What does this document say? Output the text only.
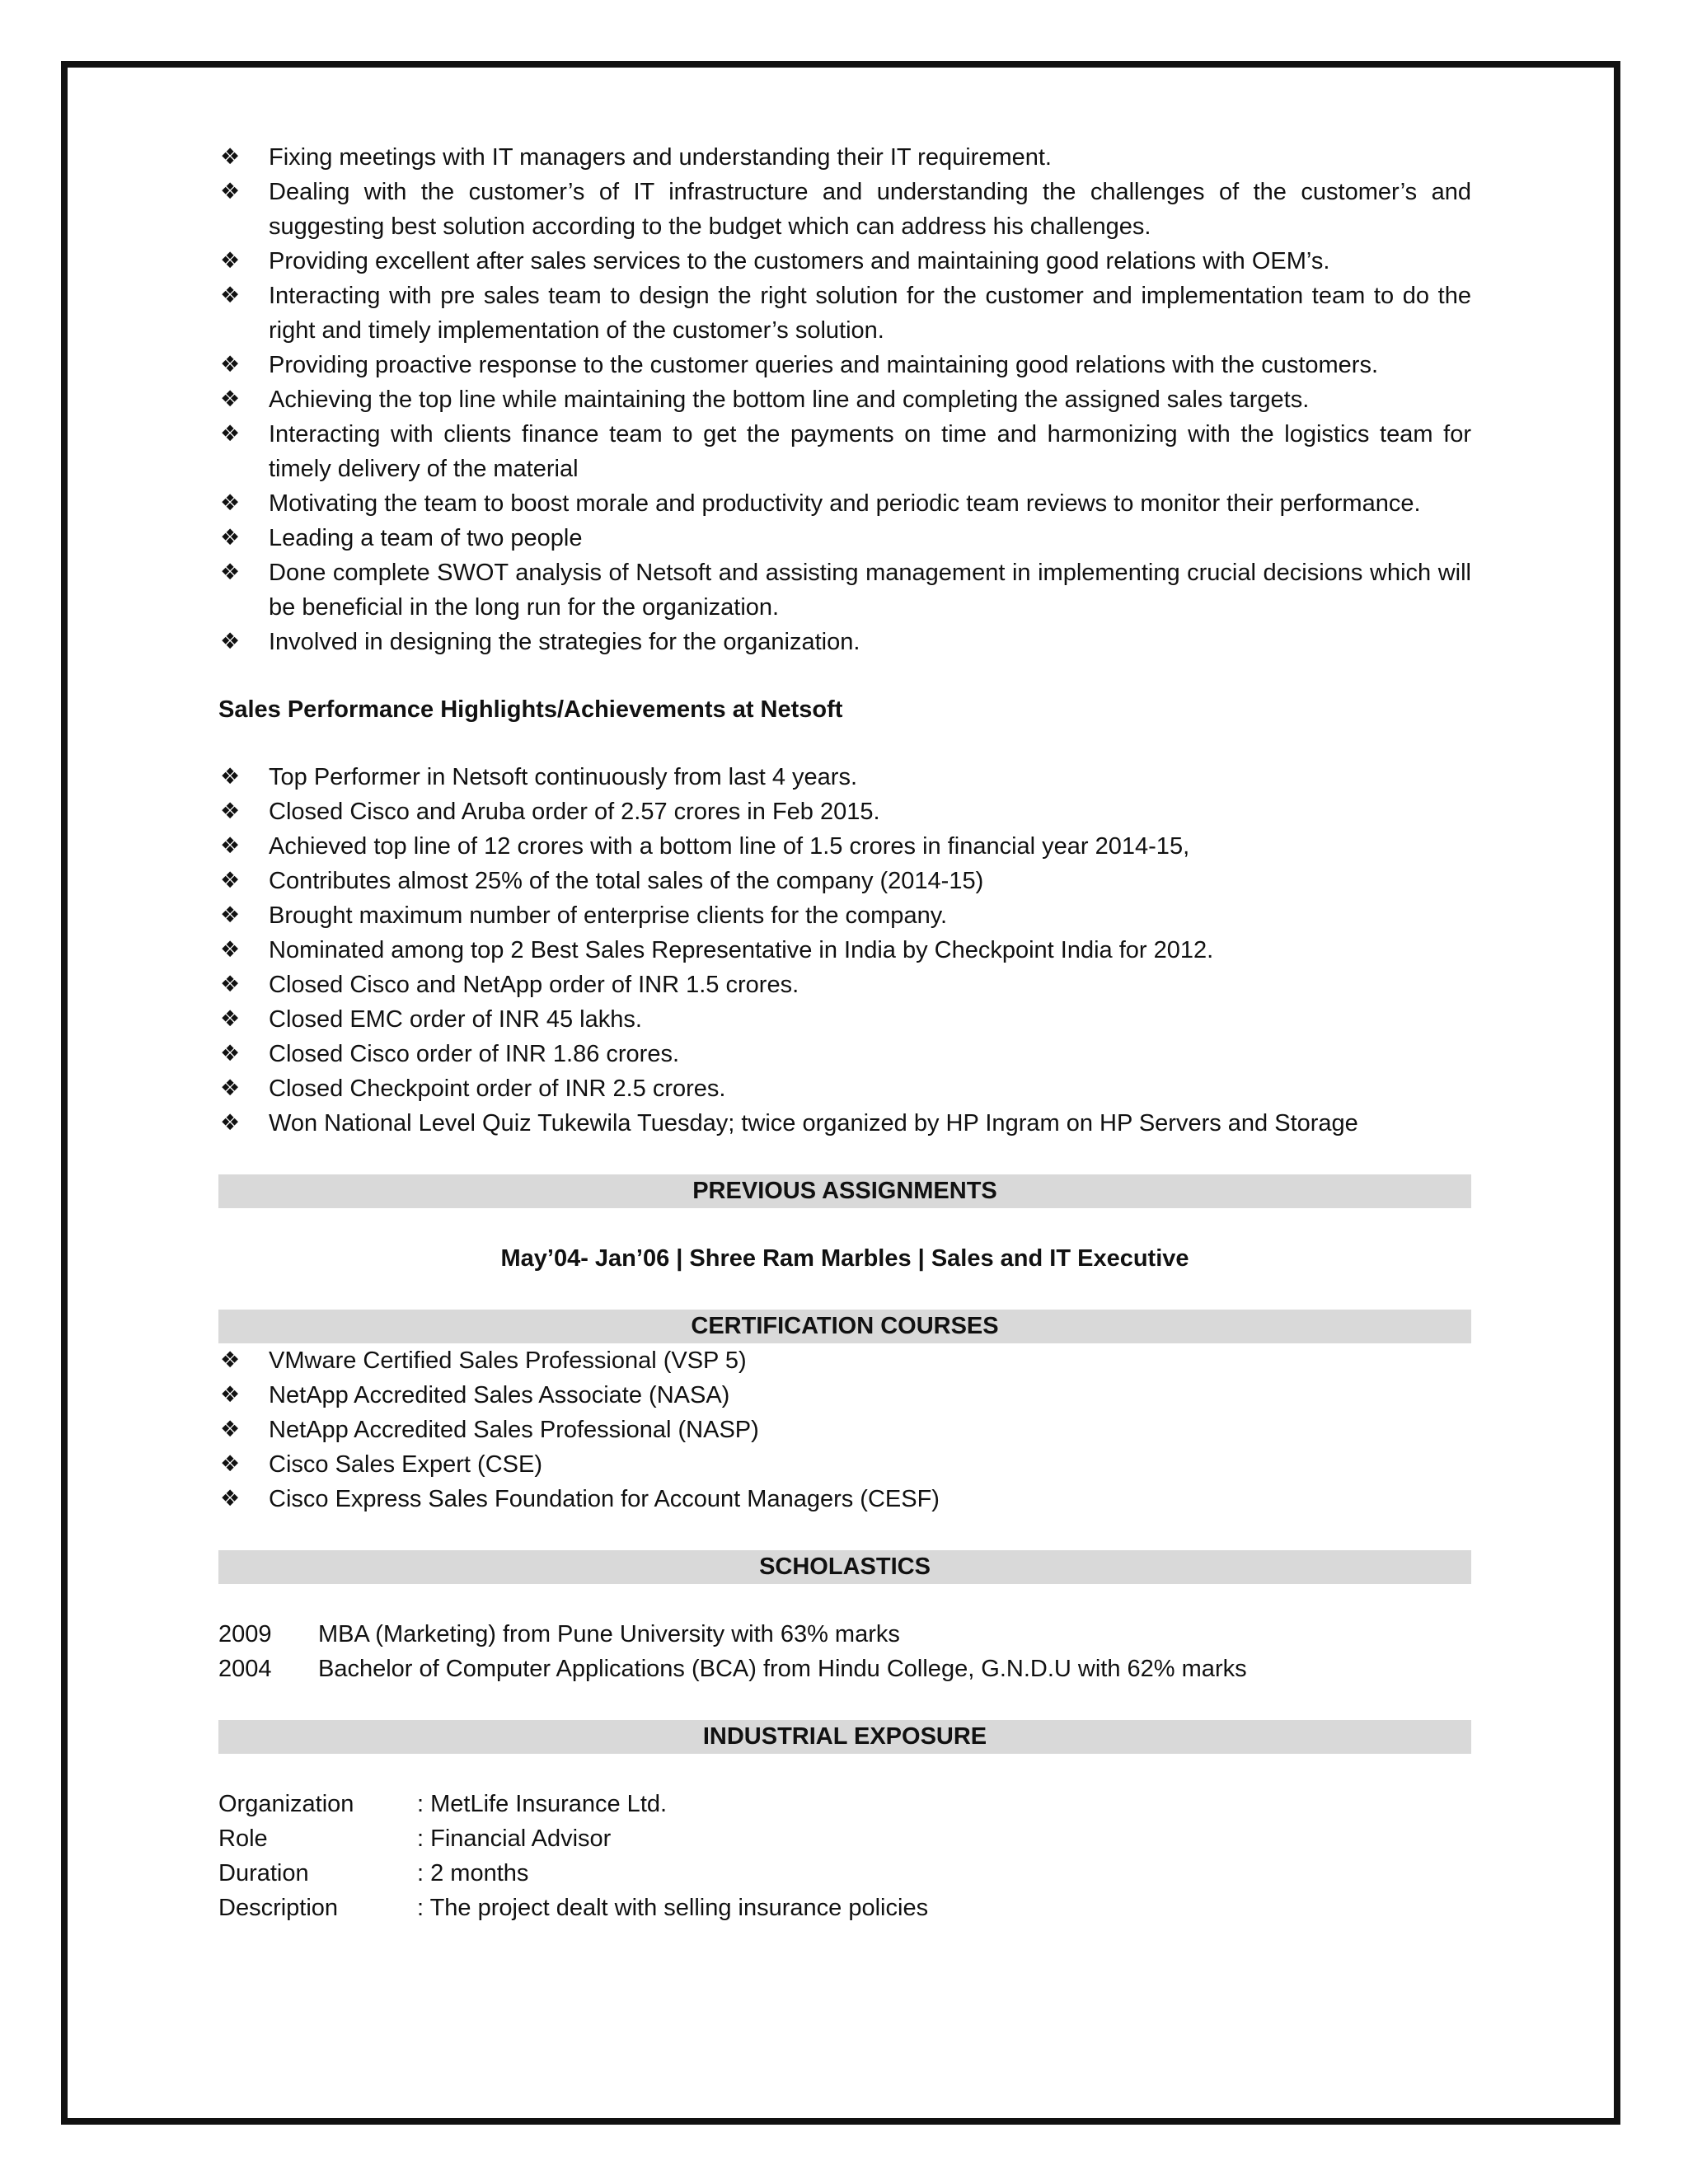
❖ Fixing meetings with IT managers and understanding their IT requirement.
❖ Dealing with the customer’s of IT infrastructure and understanding the challenges of the customer’s and suggesting best solution according to the budget which can address his challenges.
❖ Providing excellent after sales services to the customers and maintaining good relations with OEM’s.
❖ Interacting with pre sales team to design the right solution for the customer and implementation team to do the right and timely implementation of the customer’s solution.
❖ Providing proactive response to the customer queries and maintaining good relations with the customers.
❖ Achieving the top line while maintaining the bottom line and completing the assigned sales targets.
❖ Interacting with clients finance team to get the payments on time and harmonizing with the logistics team for timely delivery of the material
❖ Motivating the team to boost morale and productivity and periodic team reviews to monitor their performance.
❖ Leading a team of two people
❖ Done complete SWOT analysis of Netsoft and assisting management in implementing crucial decisions which will be beneficial in the long run for the organization.
❖ Involved in designing the strategies for the organization.
Sales Performance Highlights/Achievements at Netsoft
❖ Top Performer in Netsoft continuously from last 4 years.
❖ Closed Cisco and Aruba order of 2.57 crores in Feb 2015.
❖ Achieved top line of 12 crores with a bottom line of 1.5 crores in financial year 2014-15,
❖ Contributes almost 25% of the total sales of the company (2014-15)
❖ Brought maximum number of enterprise clients for the company.
❖ Nominated among top 2 Best Sales Representative in India by Checkpoint India for 2012.
❖ Closed Cisco and NetApp order of INR 1.5 crores.
❖ Closed EMC order of INR 45 lakhs.
❖ Closed Cisco order of INR 1.86 crores.
❖ Closed Checkpoint order of INR 2.5 crores.
❖ Won National Level Quiz Tukewila Tuesday; twice organized by HP Ingram on HP Servers and Storage
PREVIOUS ASSIGNMENTS
May’04- Jan’06 | Shree Ram Marbles | Sales and IT Executive
CERTIFICATION COURSES
❖ VMware Certified Sales Professional (VSP 5)
❖ NetApp Accredited Sales Associate (NASA)
❖ NetApp Accredited Sales Professional (NASP)
❖ Cisco Sales Expert (CSE)
❖ Cisco Express Sales Foundation for Account Managers (CESF)
SCHOLASTICS
2009	MBA (Marketing) from Pune University with 63% marks
2004	Bachelor of Computer Applications (BCA) from Hindu College, G.N.D.U with 62% marks
INDUSTRIAL EXPOSURE
Organization	: MetLife Insurance Ltd.
Role	: Financial Advisor
Duration	: 2 months
Description	: The project dealt with selling insurance policies
